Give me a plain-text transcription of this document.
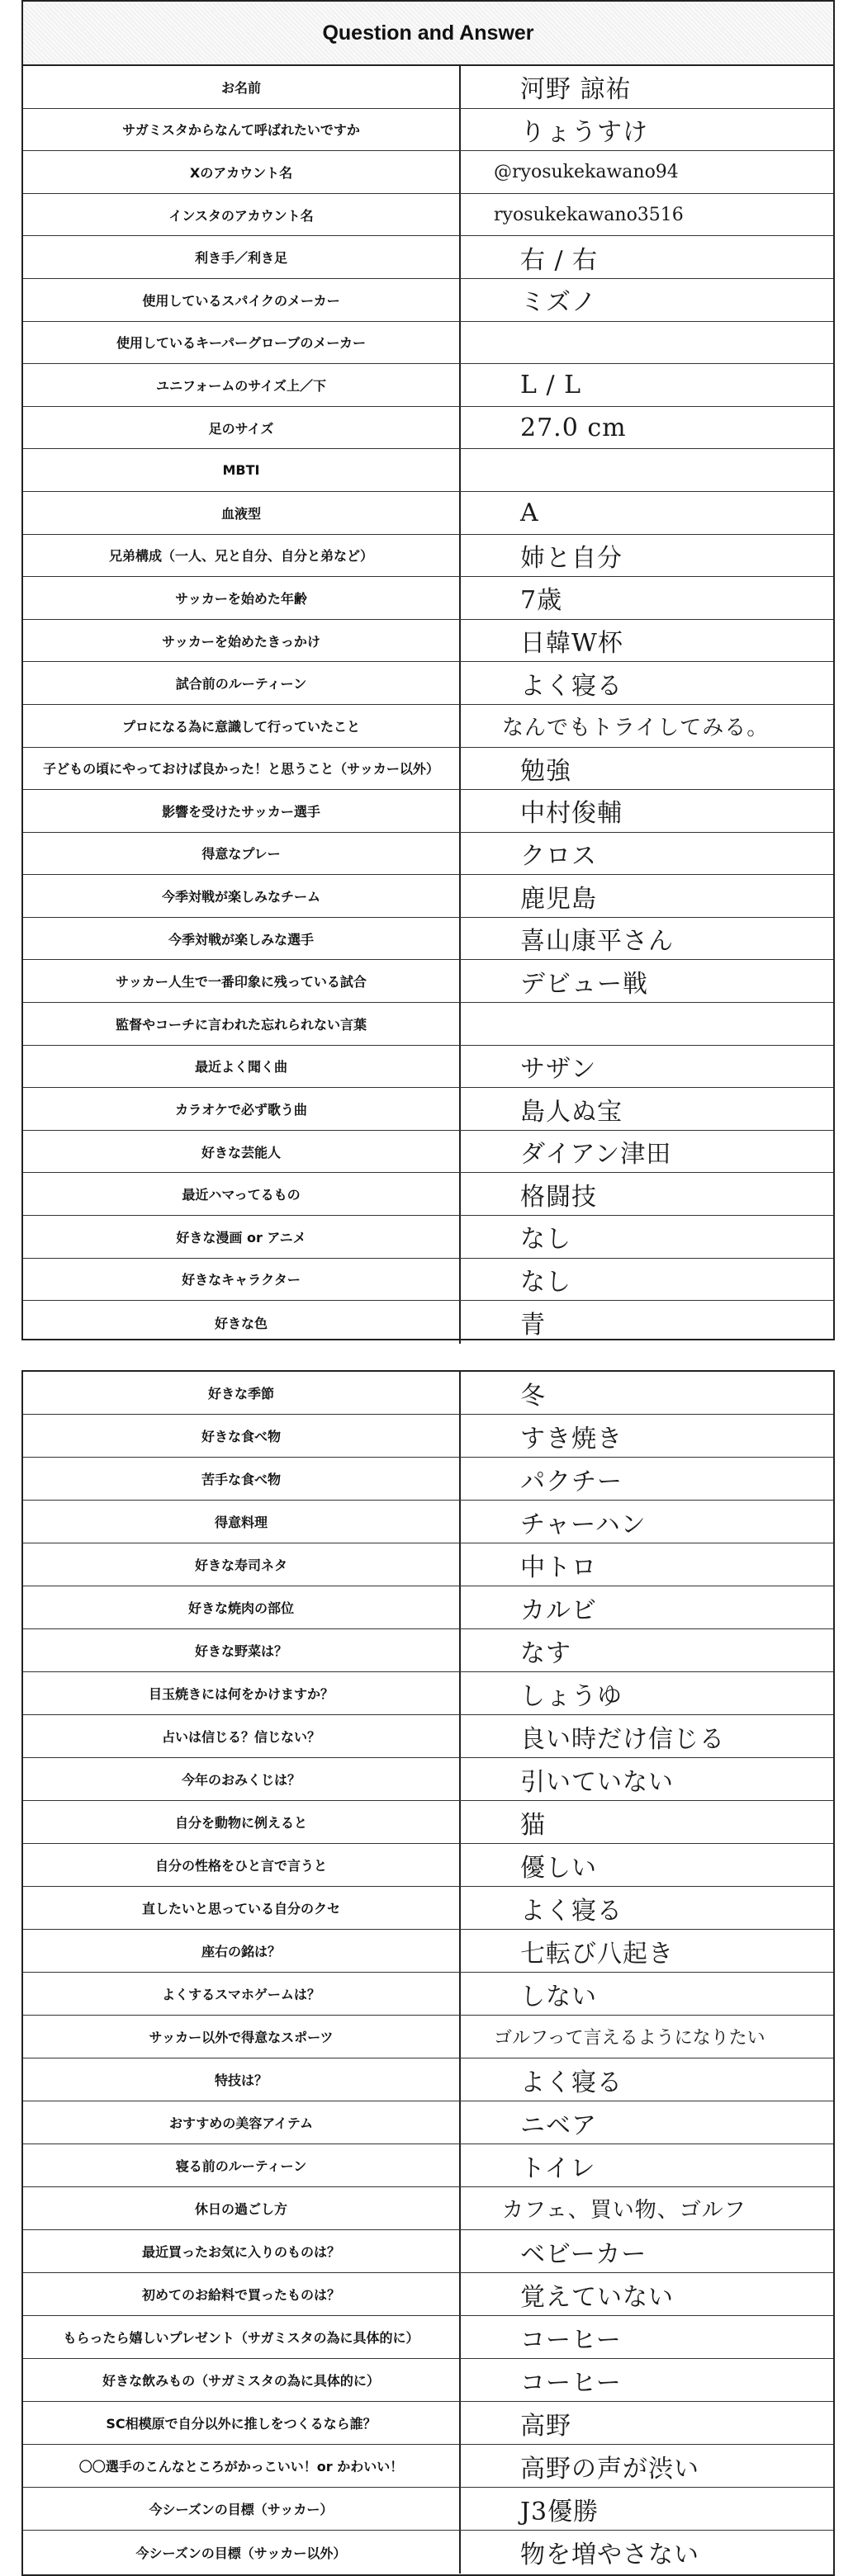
Question and Answer
お名前	河野 諒祐
サガミスタからなんて呼ばれたいですか	りょうすけ
Xのアカウント名	@ryosukekawano94
インスタのアカウント名	ryosukekawano3516
利き手／利き足	右 / 右
使用しているスパイクのメーカー	ミズノ
使用しているキーパーグローブのメーカー
ユニフォームのサイズ上／下	L / L
足のサイズ	27.0 cm
MBTI
血液型	A
兄弟構成（一人、兄と自分、自分と弟など）	姉と自分
サッカーを始めた年齢	7歳
サッカーを始めたきっかけ	日韓W杯
試合前のルーティーン	よく寝る
プロになる為に意識して行っていたこと	なんでもトライしてみる。
子どもの頃にやっておけば良かった！と思うこと（サッカー以外）	勉強
影響を受けたサッカー選手	中村俊輔
得意なプレー	クロス
今季対戦が楽しみなチーム	鹿児島
今季対戦が楽しみな選手	喜山康平さん
サッカー人生で一番印象に残っている試合	デビュー戦
監督やコーチに言われた忘れられない言葉
最近よく聞く曲	サザン
カラオケで必ず歌う曲	島人ぬ宝
好きな芸能人	ダイアン津田
最近ハマってるもの	格闘技
好きな漫画 or アニメ	なし
好きなキャラクター	なし
好きな色	青
好きな季節	冬
好きな食べ物	すき焼き
苦手な食べ物	パクチー
得意料理	チャーハン
好きな寿司ネタ	中トロ
好きな焼肉の部位	カルビ
好きな野菜は？	なす
目玉焼きには何をかけますか？	しょうゆ
占いは信じる？信じない？	良い時だけ信じる
今年のおみくじは？	引いていない
自分を動物に例えると	猫
自分の性格をひと言で言うと	優しい
直したいと思っている自分のクセ	よく寝る
座右の銘は？	七転び八起き
よくするスマホゲームは？	しない
サッカー以外で得意なスポーツ	ゴルフって言えるようになりたい
特技は？	よく寝る
おすすめの美容アイテム	ニベア
寝る前のルーティーン	トイレ
休日の過ごし方	カフェ、買い物、ゴルフ
最近買ったお気に入りのものは？	ベビーカー
初めてのお給料で買ったものは？	覚えていない
もらったら嬉しいプレゼント（サガミスタの為に具体的に）	コーヒー
好きな飲みもの（サガミスタの為に具体的に）	コーヒー
SC相模原で自分以外に推しをつくるなら誰？	高野
〇〇選手のこんなところがかっこいい！or かわいい！	高野の声が渋い
今シーズンの目標（サッカー）	J3優勝
今シーズンの目標（サッカー以外）	物を増やさない
